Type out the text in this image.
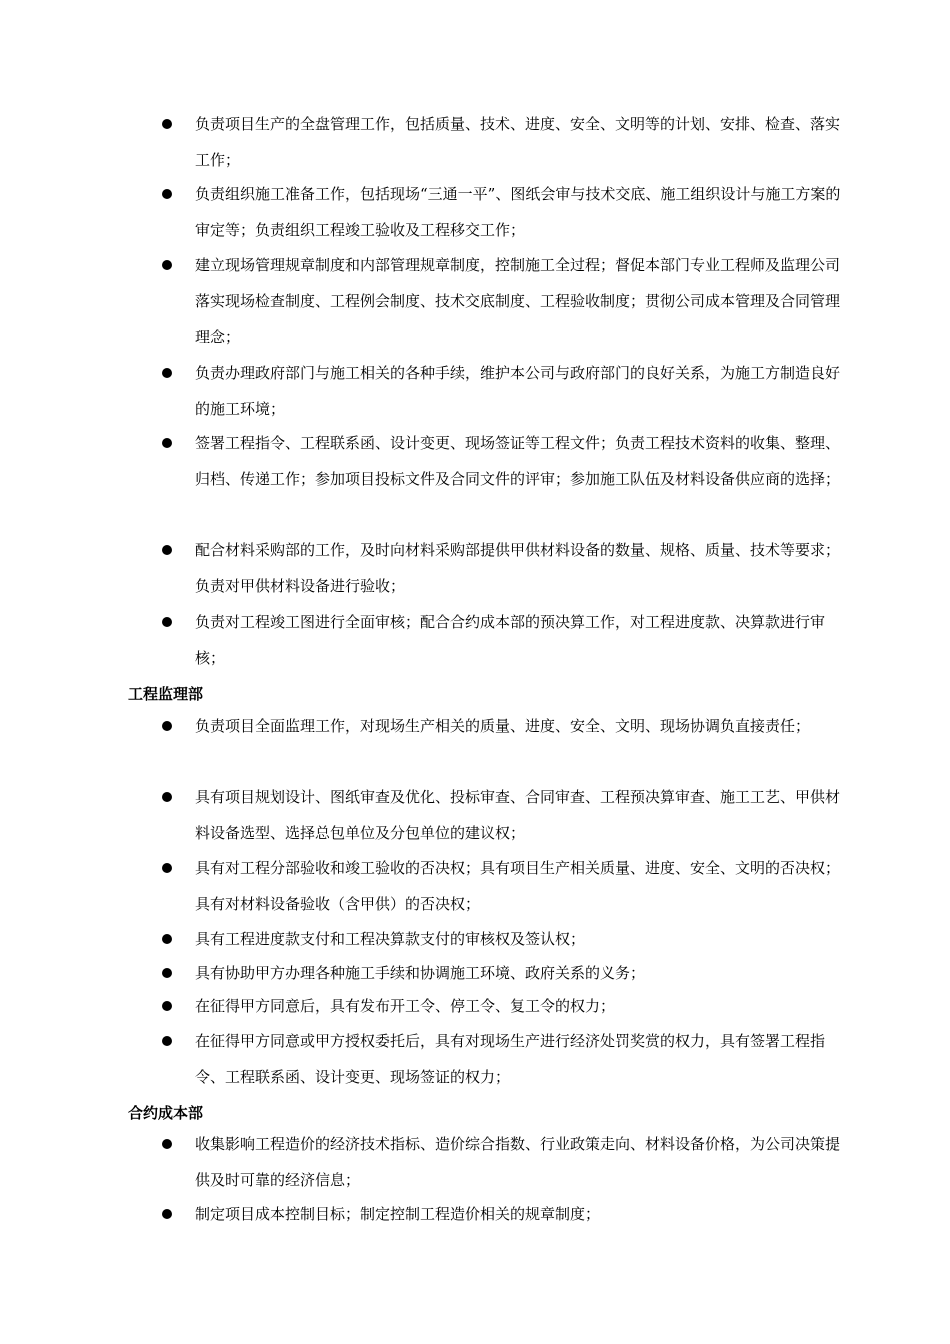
负责项目生产的全盘管理工作，包括质量、技术、进度、安全、文明等的计划、安排、检查、落实工作；
负责组织施工准备工作，包括现场“三通一平”、图纸会审与技术交底、施工组织设计与施工方案的审定等；负责组织工程竣工验收及工程移交工作；
建立现场管理规章制度和内部管理规章制度，控制施工全过程；督促本部门专业工程师及监理公司落实现场检查制度、工程例会制度、技术交底制度、工程验收制度；贯彻公司成本管理及合同管理理念；
负责办理政府部门与施工相关的各种手续，维护本公司与政府部门的良好关系，为施工方制造良好的施工环境；
签署工程指令、工程联系函、设计变更、现场签证等工程文件；负责工程技术资料的收集、整理、归档、传递工作；参加项目投标文件及合同文件的评审；参加施工队伍及材料设备供应商的选择；
配合材料采购部的工作，及时向材料采购部提供甲供材料设备的数量、规格、质量、技术等要求；负责对甲供材料设备进行验收；
负责对工程竣工图进行全面审核；配合合约成本部的预决算工作，对工程进度款、决算款进行审核；
工程监理部
负责项目全面监理工作，对现场生产相关的质量、进度、安全、文明、现场协调负直接责任；
具有项目规划设计、图纸审查及优化、投标审查、合同审查、工程预决算审查、施工工艺、甲供材料设备选型、选择总包单位及分包单位的建议权；
具有对工程分部验收和竣工验收的否决权；具有项目生产相关质量、进度、安全、文明的否决权；具有对材料设备验收（含甲供）的否决权；
具有工程进度款支付和工程决算款支付的审核权及签认权；
具有协助甲方办理各种施工手续和协调施工环境、政府关系的义务；
在征得甲方同意后，具有发布开工令、停工令、复工令的权力；
在征得甲方同意或甲方授权委托后，具有对现场生产进行经济处罚奖赏的权力，具有签署工程指令、工程联系函、设计变更、现场签证的权力；
合约成本部
收集影响工程造价的经济技术指标、造价综合指数、行业政策走向、材料设备价格，为公司决策提供及时可靠的经济信息；
制定项目成本控制目标；制定控制工程造价相关的规章制度；
